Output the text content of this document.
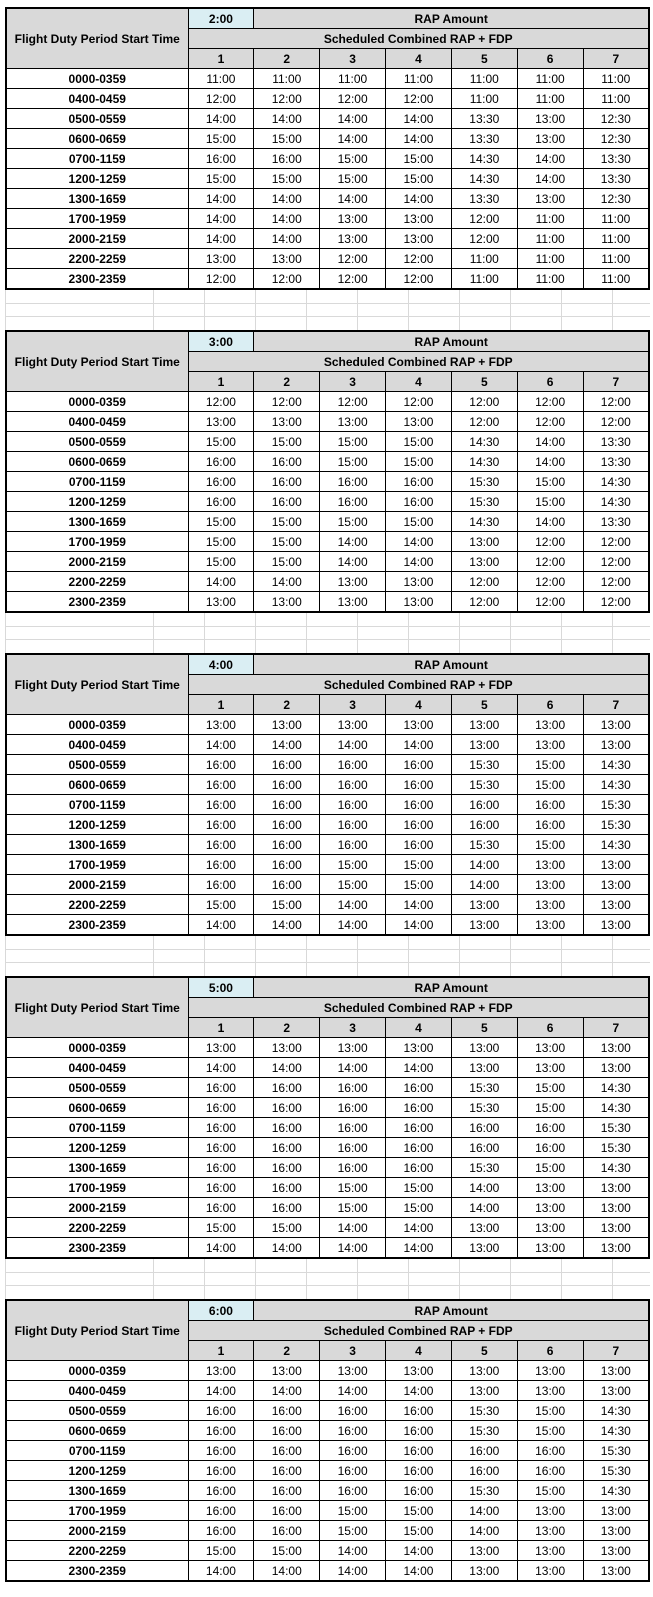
Flight Duty Period Start Time	2:00	RAP Amount					
	Scheduled Combined RAP + FDP						
	1	2	3	4	5	6	7
0000-0359	11:00	11:00	11:00	11:00	11:00	11:00	11:00
0400-0459	12:00	12:00	12:00	12:00	11:00	11:00	11:00
0500-0559	14:00	14:00	14:00	14:00	13:30	13:00	12:30
0600-0659	15:00	15:00	14:00	14:00	13:30	13:00	12:30
0700-1159	16:00	16:00	15:00	15:00	14:30	14:00	13:30
1200-1259	15:00	15:00	15:00	15:00	14:30	14:00	13:30
1300-1659	14:00	14:00	14:00	14:00	13:30	13:00	12:30
1700-1959	14:00	14:00	13:00	13:00	12:00	11:00	11:00
2000-2159	14:00	14:00	13:00	13:00	12:00	11:00	11:00
2200-2259	13:00	13:00	12:00	12:00	11:00	11:00	11:00
2300-2359	12:00	12:00	12:00	12:00	11:00	11:00	11:00
Flight Duty Period Start Time	3:00	RAP Amount					
	Scheduled Combined RAP + FDP						
	1	2	3	4	5	6	7
0000-0359	12:00	12:00	12:00	12:00	12:00	12:00	12:00
0400-0459	13:00	13:00	13:00	13:00	12:00	12:00	12:00
0500-0559	15:00	15:00	15:00	15:00	14:30	14:00	13:30
0600-0659	16:00	16:00	15:00	15:00	14:30	14:00	13:30
0700-1159	16:00	16:00	16:00	16:00	15:30	15:00	14:30
1200-1259	16:00	16:00	16:00	16:00	15:30	15:00	14:30
1300-1659	15:00	15:00	15:00	15:00	14:30	14:00	13:30
1700-1959	15:00	15:00	14:00	14:00	13:00	12:00	12:00
2000-2159	15:00	15:00	14:00	14:00	13:00	12:00	12:00
2200-2259	14:00	14:00	13:00	13:00	12:00	12:00	12:00
2300-2359	13:00	13:00	13:00	13:00	12:00	12:00	12:00
Flight Duty Period Start Time	4:00	RAP Amount					
	Scheduled Combined RAP + FDP						
	1	2	3	4	5	6	7
0000-0359	13:00	13:00	13:00	13:00	13:00	13:00	13:00
0400-0459	14:00	14:00	14:00	14:00	13:00	13:00	13:00
0500-0559	16:00	16:00	16:00	16:00	15:30	15:00	14:30
0600-0659	16:00	16:00	16:00	16:00	15:30	15:00	14:30
0700-1159	16:00	16:00	16:00	16:00	16:00	16:00	15:30
1200-1259	16:00	16:00	16:00	16:00	16:00	16:00	15:30
1300-1659	16:00	16:00	16:00	16:00	15:30	15:00	14:30
1700-1959	16:00	16:00	15:00	15:00	14:00	13:00	13:00
2000-2159	16:00	16:00	15:00	15:00	14:00	13:00	13:00
2200-2259	15:00	15:00	14:00	14:00	13:00	13:00	13:00
2300-2359	14:00	14:00	14:00	14:00	13:00	13:00	13:00
Flight Duty Period Start Time	5:00	RAP Amount					
	Scheduled Combined RAP + FDP						
	1	2	3	4	5	6	7
0000-0359	13:00	13:00	13:00	13:00	13:00	13:00	13:00
0400-0459	14:00	14:00	14:00	14:00	13:00	13:00	13:00
0500-0559	16:00	16:00	16:00	16:00	15:30	15:00	14:30
0600-0659	16:00	16:00	16:00	16:00	15:30	15:00	14:30
0700-1159	16:00	16:00	16:00	16:00	16:00	16:00	15:30
1200-1259	16:00	16:00	16:00	16:00	16:00	16:00	15:30
1300-1659	16:00	16:00	16:00	16:00	15:30	15:00	14:30
1700-1959	16:00	16:00	15:00	15:00	14:00	13:00	13:00
2000-2159	16:00	16:00	15:00	15:00	14:00	13:00	13:00
2200-2259	15:00	15:00	14:00	14:00	13:00	13:00	13:00
2300-2359	14:00	14:00	14:00	14:00	13:00	13:00	13:00
Flight Duty Period Start Time	6:00	RAP Amount					
	Scheduled Combined RAP + FDP						
	1	2	3	4	5	6	7
0000-0359	13:00	13:00	13:00	13:00	13:00	13:00	13:00
0400-0459	14:00	14:00	14:00	14:00	13:00	13:00	13:00
0500-0559	16:00	16:00	16:00	16:00	15:30	15:00	14:30
0600-0659	16:00	16:00	16:00	16:00	15:30	15:00	14:30
0700-1159	16:00	16:00	16:00	16:00	16:00	16:00	15:30
1200-1259	16:00	16:00	16:00	16:00	16:00	16:00	15:30
1300-1659	16:00	16:00	16:00	16:00	15:30	15:00	14:30
1700-1959	16:00	16:00	15:00	15:00	14:00	13:00	13:00
2000-2159	16:00	16:00	15:00	15:00	14:00	13:00	13:00
2200-2259	15:00	15:00	14:00	14:00	13:00	13:00	13:00
2300-2359	14:00	14:00	14:00	14:00	13:00	13:00	13:00
